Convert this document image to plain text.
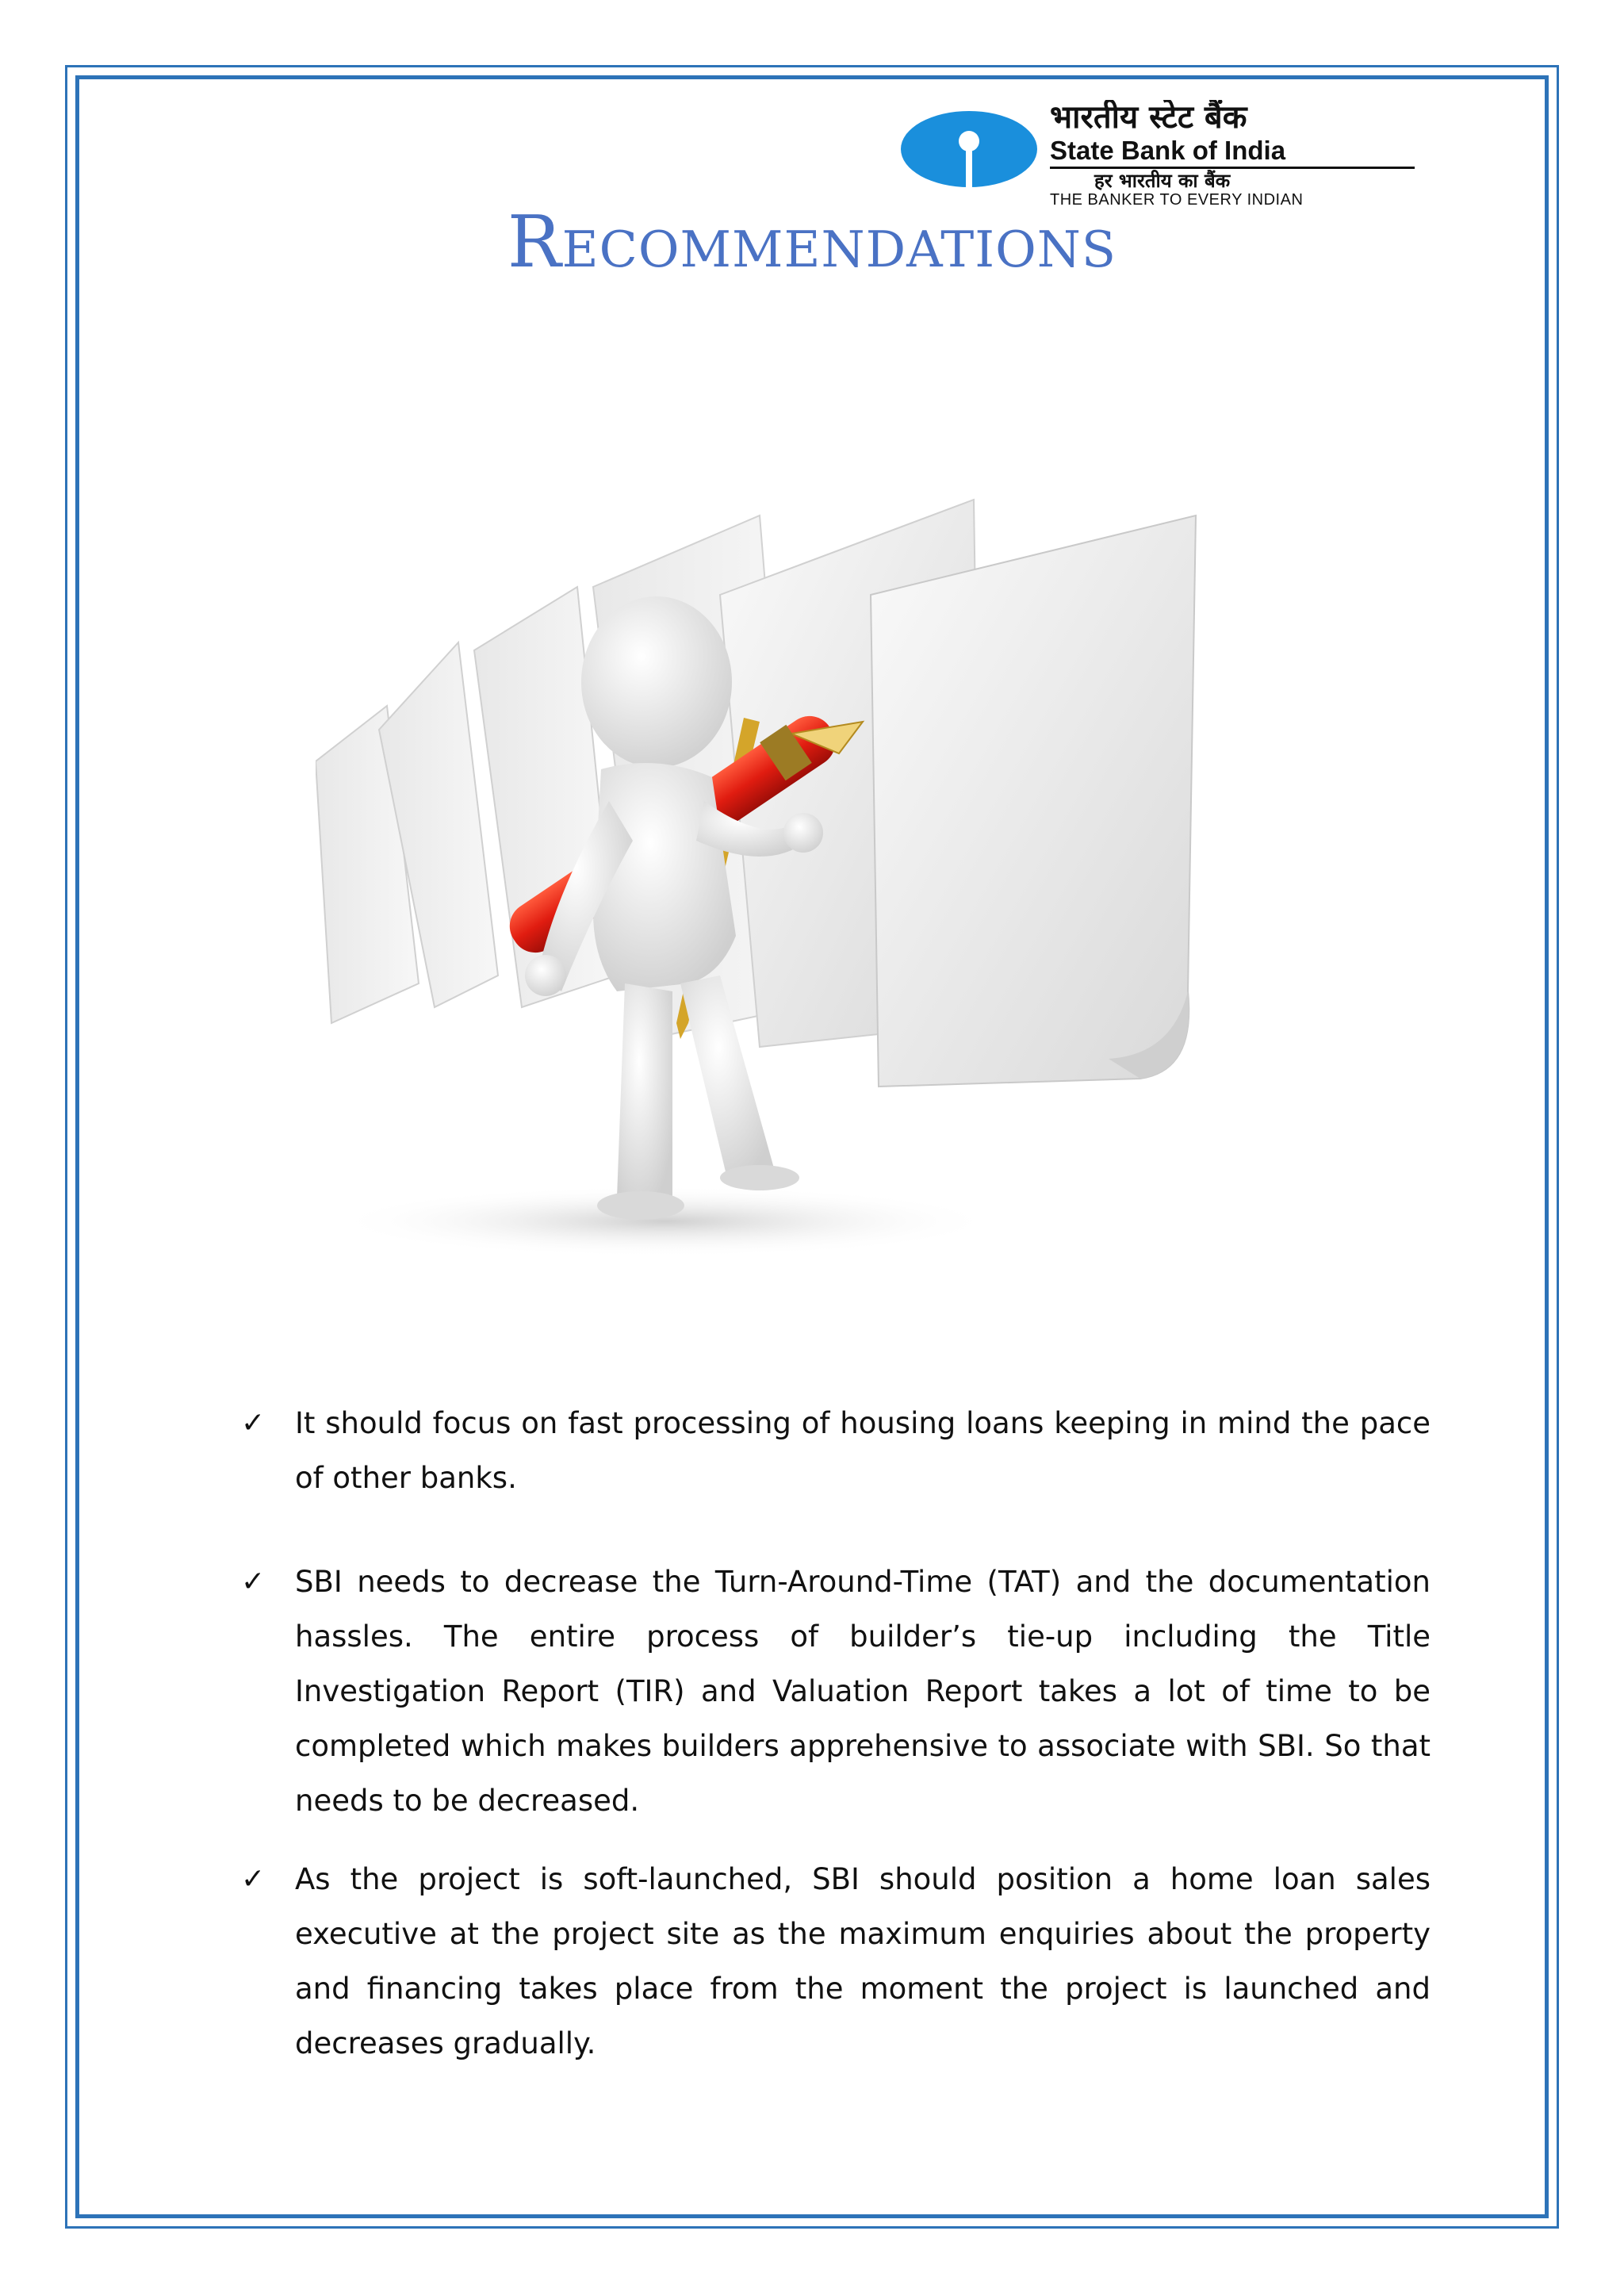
भारतीय स्टेट बैंक
State Bank of India
हर भारतीय का बैंक
THE BANKER TO EVERY INDIAN
Recommendations
✓ It should focus on fast processing of housing loans keeping in mind the pace of other banks.

✓ SBI needs to decrease the Turn-Around-Time (TAT) and the documentation hassles. The entire process of builder’s tie-up including the Title Investigation Report (TIR) and Valuation Report takes a lot of time to be completed which makes builders apprehensive to associate with SBI. So that needs to be decreased.

✓ As the project is soft-launched, SBI should position a home loan sales executive at the project site as the maximum enquiries about the property and financing takes place from the moment the project is launched and decreases gradually.
